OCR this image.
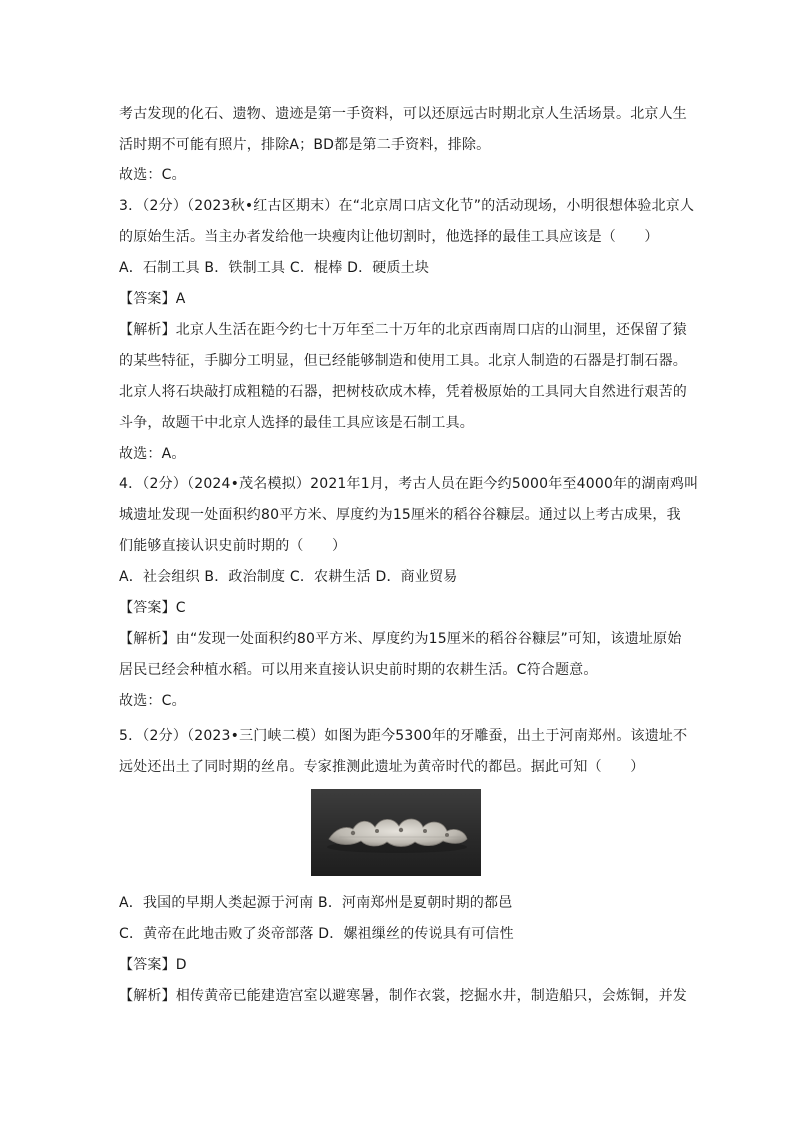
考古发现的化石、遗物、遗迹是第一手资料，可以还原远古时期北京人生活场景。北京人生
活时期不可能有照片，排除A；BD都是第二手资料，排除。
故选：C。
3．（2分）（2023秋•红古区期末）在“北京周口店文化节”的活动现场，小明很想体验北京人
的原始生活。当主办者发给他一块瘦肉让他切割时，他选择的最佳工具应该是（　　）
A．石制工具 B．铁制工具 C．棍棒 D．硬质土块
【答案】A
【解析】北京人生活在距今约七十万年至二十万年的北京西南周口店的山洞里，还保留了猿
的某些特征，手脚分工明显，但已经能够制造和使用工具。北京人制造的石器是打制石器。
北京人将石块敲打成粗糙的石器，把树枝砍成木棒，凭着极原始的工具同大自然进行艰苦的
斗争，故题干中北京人选择的最佳工具应该是石制工具。
故选：A。
4．（2分）（2024•茂名模拟）2021年1月，考古人员在距今约5000年至4000年的湖南鸡叫
城遗址发现一处面积约80平方米、厚度约为15厘米的稻谷谷糠层。通过以上考古成果，我
们能够直接认识史前时期的（　　）
A．社会组织 B．政治制度 C．农耕生活 D．商业贸易
【答案】C
【解析】由“发现一处面积约80平方米、厚度约为15厘米的稻谷谷糠层”可知，该遗址原始
居民已经会种植水稻。可以用来直接认识史前时期的农耕生活。C符合题意。
故选：C。
5．（2分）（2023•三门峡二模）如图为距今5300年的牙雕蚕，出土于河南郑州。该遗址不
远处还出土了同时期的丝帛。专家推测此遗址为黄帝时代的都邑。据此可知（　　）
A．我国的早期人类起源于河南 B．河南郑州是夏朝时期的都邑
C．黄帝在此地击败了炎帝部落 D．嫘祖缫丝的传说具有可信性
【答案】D
【解析】相传黄帝已能建造宫室以避寒暑，制作衣裳，挖掘水井，制造船只，会炼铜，并发
